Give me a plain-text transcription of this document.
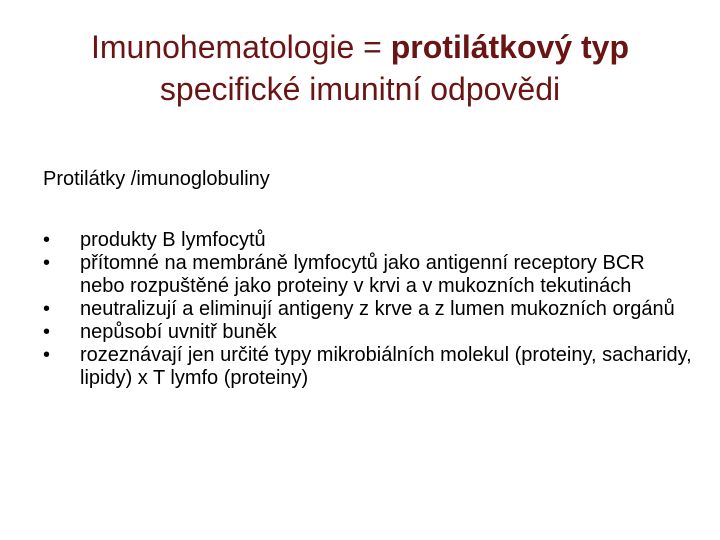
Imunohematologie = protilátkový typ
specifické imunitní odpovědi
Protilátky /imunoglobuliny
• produkty B lymfocytů
• přítomné na membráně lymfocytů jako antigenní receptory BCR nebo rozpuštěné jako proteiny v krvi a v mukozních tekutinách
• neutralizují a eliminují antigeny z krve a z lumen mukozních orgánů
• nepůsobí uvnitř buněk
• rozeznávají jen určité typy mikrobiálních molekul (proteiny, sacharidy, lipidy) x T lymfo (proteiny)
